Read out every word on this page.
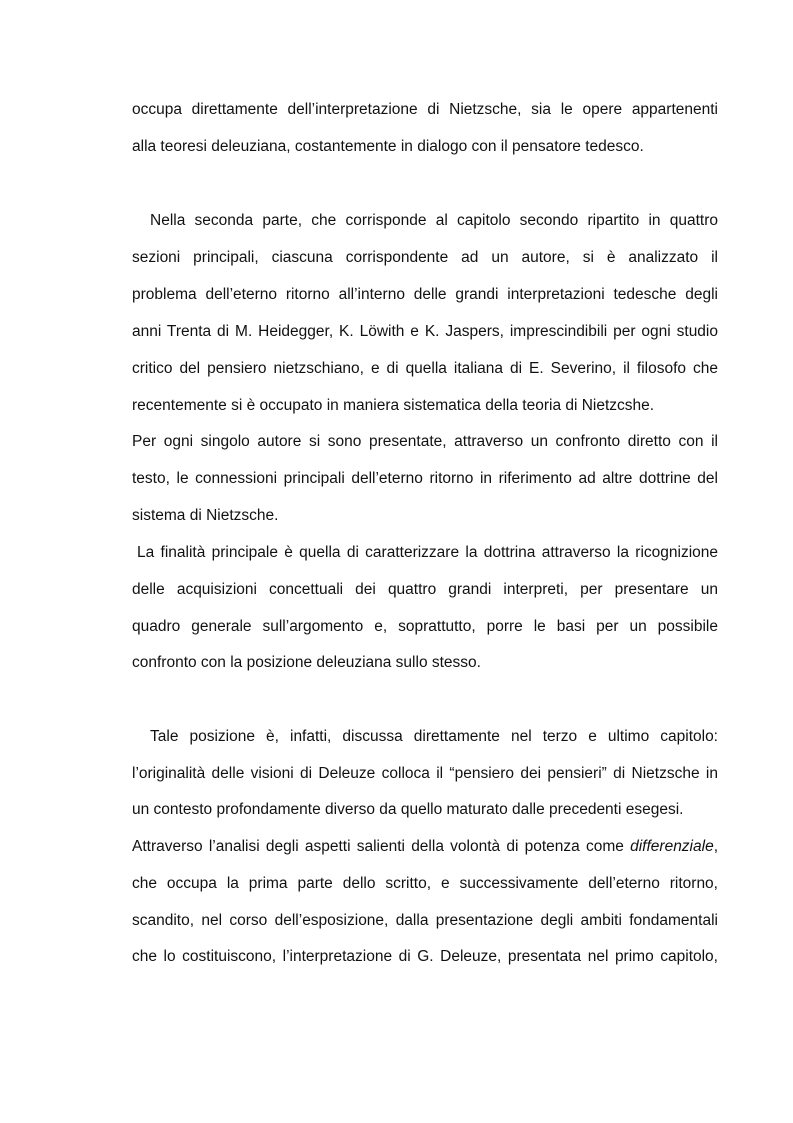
occupa direttamente dell’interpretazione di Nietzsche, sia le opere appartenenti
alla teoresi deleuziana, costantemente in dialogo con il pensatore tedesco.
Nella seconda parte, che corrisponde al capitolo secondo ripartito in quattro
sezioni principali, ciascuna corrispondente ad un autore, si è analizzato il
problema dell’eterno ritorno all’interno delle grandi interpretazioni tedesche degli
anni Trenta di M. Heidegger, K. Löwith e K. Jaspers, imprescindibili per ogni studio
critico del pensiero nietzschiano, e di quella italiana di E. Severino, il filosofo che
recentemente si è occupato in maniera sistematica della teoria di Nietzcshe.
Per ogni singolo autore si sono presentate, attraverso un confronto diretto con il
testo, le connessioni principali dell’eterno ritorno in riferimento ad altre dottrine del
sistema di Nietzsche.
La finalità principale è quella di caratterizzare la dottrina attraverso la ricognizione
delle acquisizioni concettuali dei quattro grandi interpreti, per presentare un
quadro generale sull’argomento e, soprattutto, porre le basi per un possibile
confronto con la posizione deleuziana sullo stesso.
Tale posizione è, infatti, discussa direttamente nel terzo e ultimo capitolo:
l’originalità delle visioni di Deleuze colloca il “pensiero dei pensieri” di Nietzsche in
un contesto profondamente diverso da quello maturato dalle precedenti esegesi.
Attraverso l’analisi degli aspetti salienti della volontà di potenza come differenziale,
che occupa la prima parte dello scritto, e successivamente dell’eterno ritorno,
scandito, nel corso dell’esposizione, dalla presentazione degli ambiti fondamentali
che lo costituiscono, l’interpretazione di G. Deleuze, presentata nel primo capitolo,
